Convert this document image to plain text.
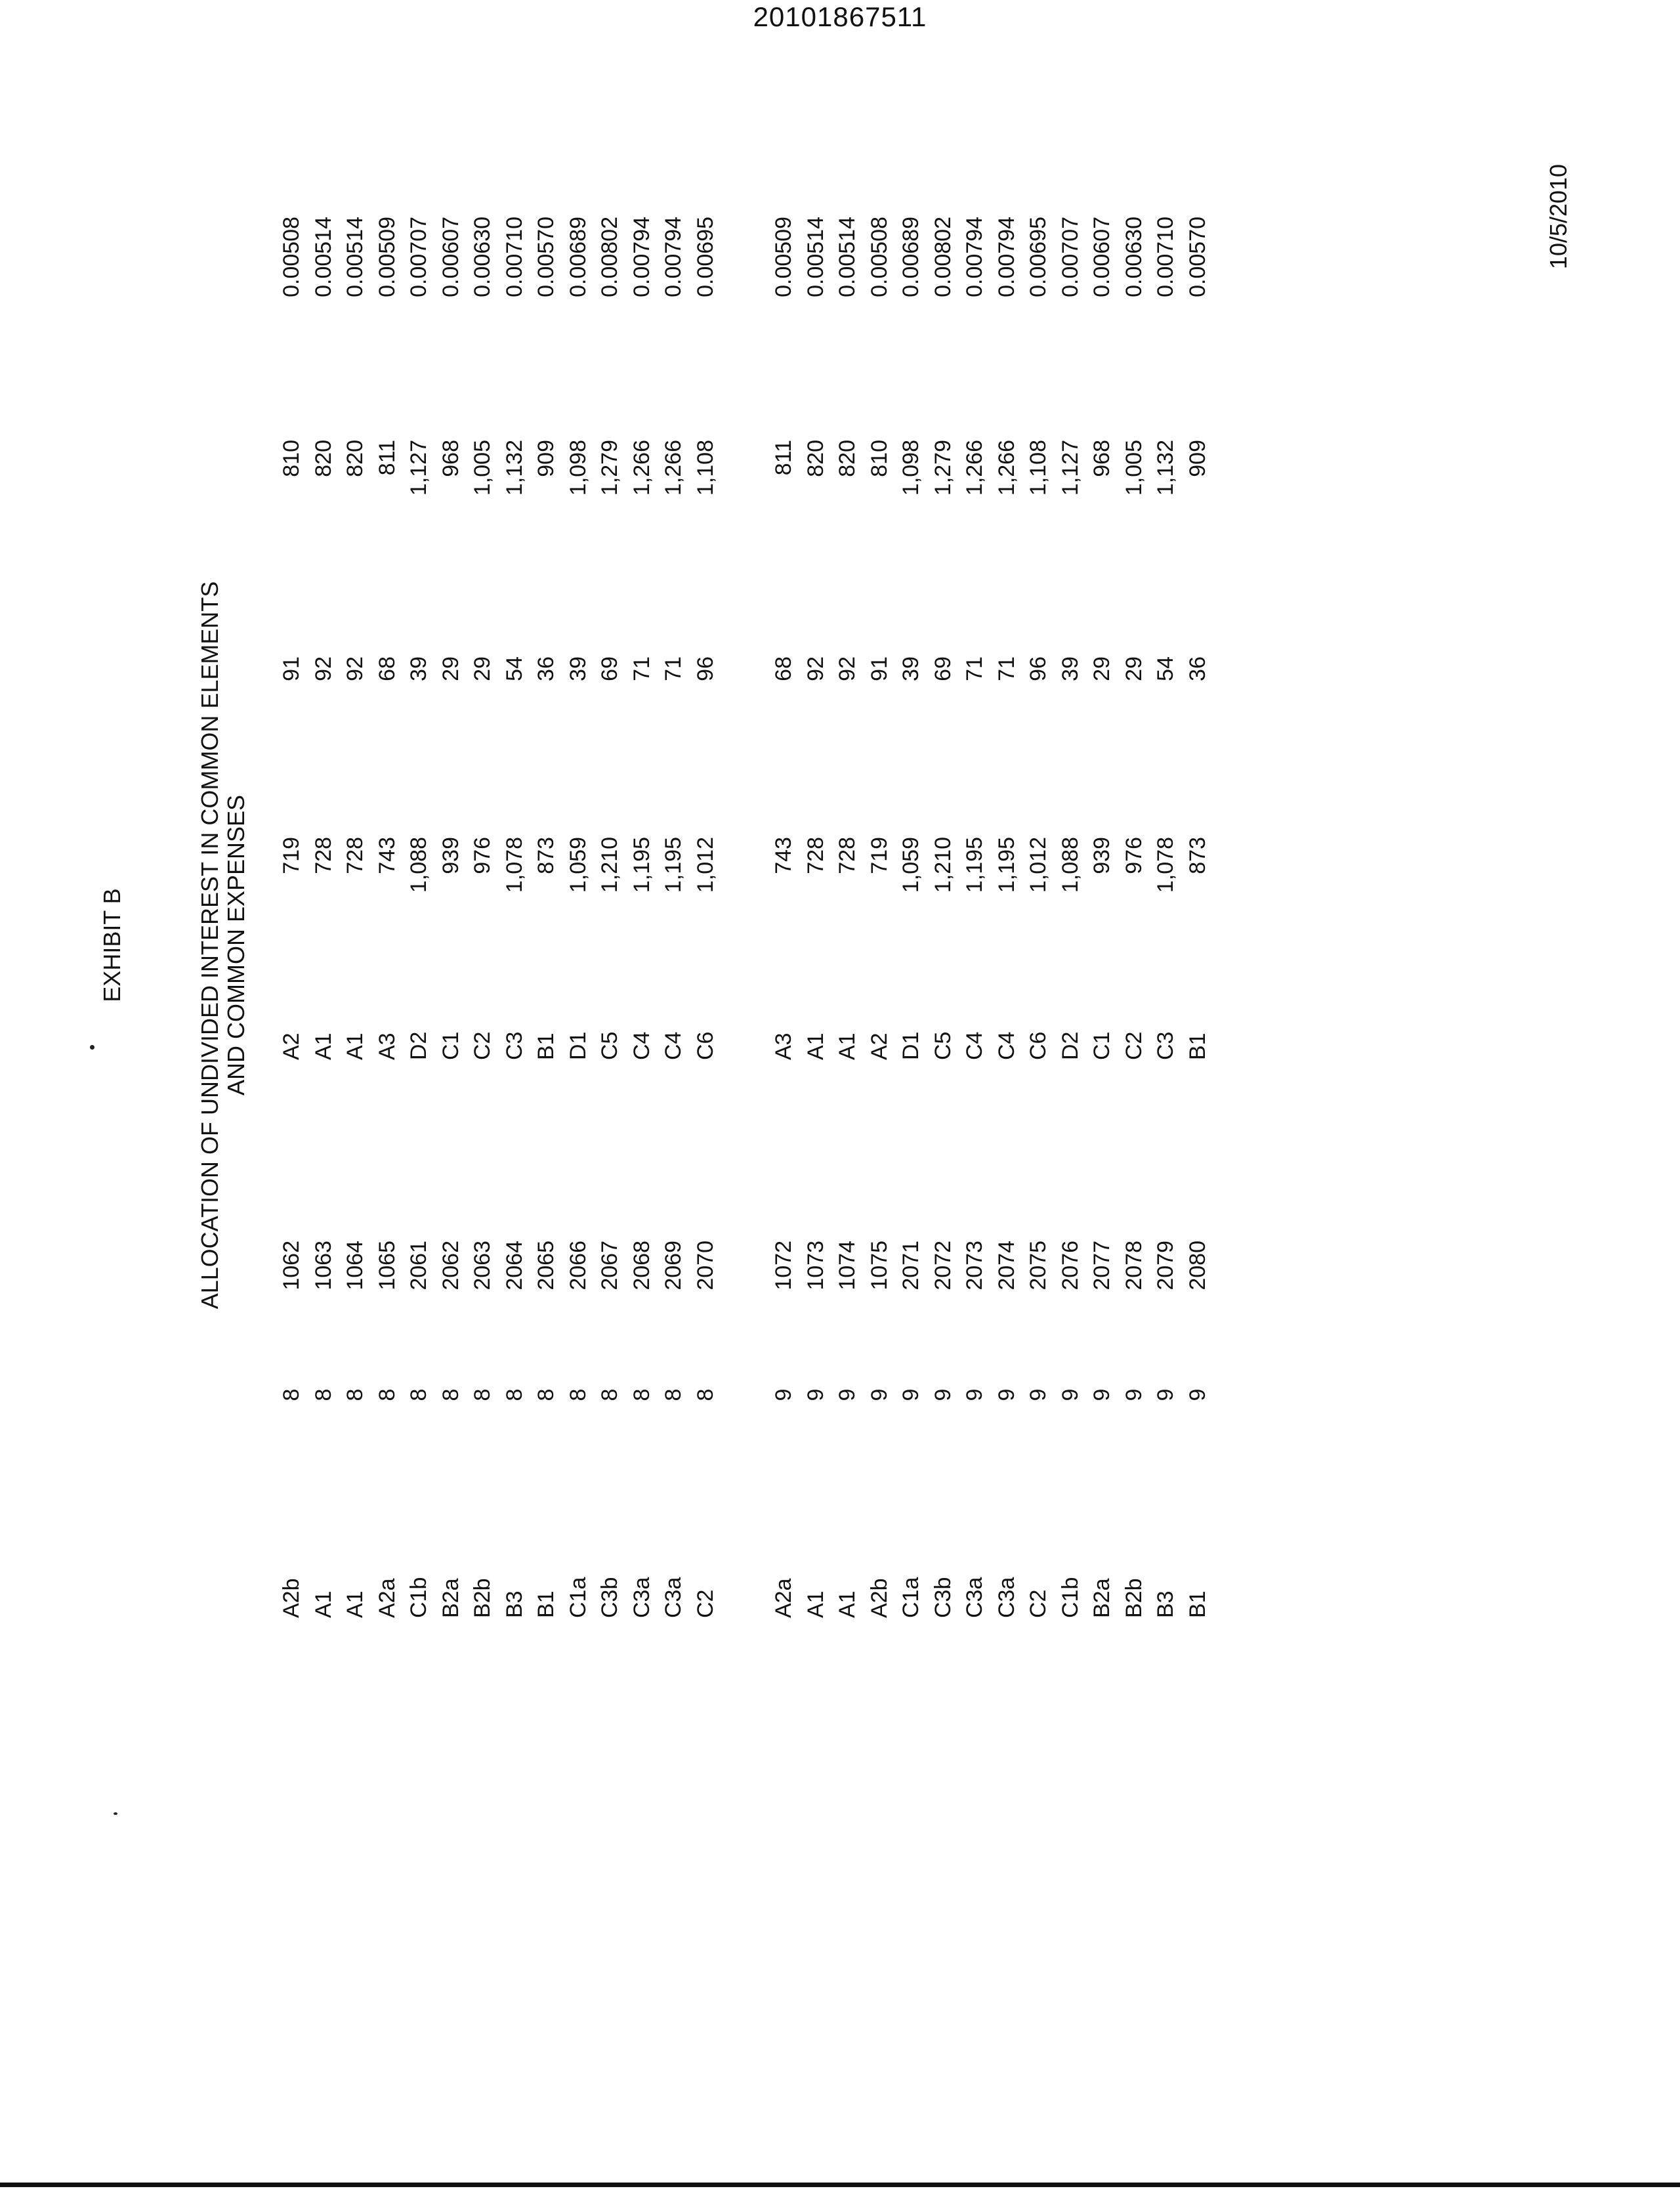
20101867511
10/5/2010
EXHIBIT B	ALLOCATION OF UNDIVIDED INTEREST IN COMMON ELEMENTS AND COMMON EXPENSES
A2b
8
1062
A2
719
91
810
0.00508
A1
8
1063
A1
728
92
820
0.00514
A1
8
1064
A1
728
92
820
0.00514
A2a
8
1065
A3
743
68
811
0.00509
C1b
8
2061
D2
1,088
39
1,127
0.00707
B2a
8
2062
C1
939
29
968
0.00607
B2b
8
2063
C2
976
29
1,005
0.00630
B3
8
2064
C3
1,078
54
1,132
0.00710
B1
8
2065
B1
873
36
909
0.00570
C1a
8
2066
D1
1,059
39
1,098
0.00689
C3b
8
2067
C5
1,210
69
1,279
0.00802
C3a
8
2068
C4
1,195
71
1,266
0.00794
C3a
8
2069
C4
1,195
71
1,266
0.00794
C2
8
2070
C6
1,012
96
1,108
0.00695
A2a
9
1072
A3
743
68
811
0.00509
A1
9
1073
A1
728
92
820
0.00514
A1
9
1074
A1
728
92
820
0.00514
A2b
9
1075
A2
719
91
810
0.00508
C1a
9
2071
D1
1,059
39
1,098
0.00689
C3b
9
2072
C5
1,210
69
1,279
0.00802
C3a
9
2073
C4
1,195
71
1,266
0.00794
C3a
9
2074
C4
1,195
71
1,266
0.00794
C2
9
2075
C6
1,012
96
1,108
0.00695
C1b
9
2076
D2
1,088
39
1,127
0.00707
B2a
9
2077
C1
939
29
968
0.00607
B2b
9
2078
C2
976
29
1,005
0.00630
B3
9
2079
C3
1,078
54
1,132
0.00710
B1
9
2080
B1
873
36
909
0.00570
